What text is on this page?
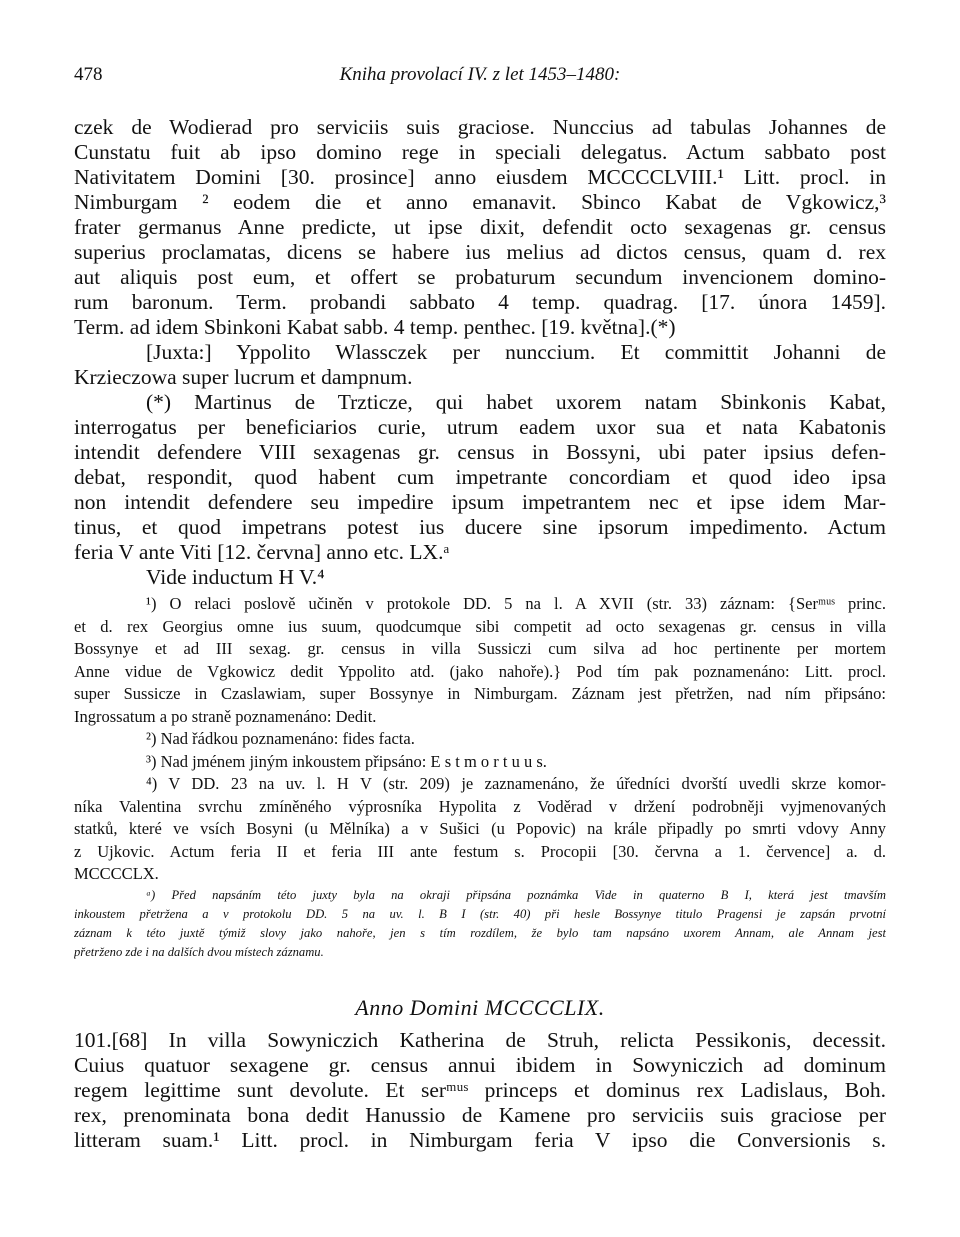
478	Kniha provolací IV. z let 1453–1480:
czek de Wodierad pro serviciis suis graciose. Nunccius ad tabulas Johannes de
Cunstatu fuit ab ipso domino rege in speciali delegatus. Actum sabbato post
Nativitatem Domini [30. prosince] anno eiusdem MCCCCLVIII.¹ Litt. procl. in
Nimburgam ² eodem die et anno emanavit. Sbinco Kabat de Vgkowicz,³
frater germanus Anne predicte, ut ipse dixit, defendit octo sexagenas gr. census
superius proclamatas, dicens se habere ius melius ad dictos census, quam d. rex
aut aliquis post eum, et offert se probaturum secundum invencionem domino-
rum baronum. Term. probandi sabbato 4 temp. quadrag. [17. února 1459].
Term. ad idem Sbinkoni Kabat sabb. 4 temp. penthec. [19. května].(*)
[Juxta:] Yppolito Wlassczek per nunccium. Et committit Johanni de
Krzieczowa super lucrum et dampnum.
(*) Martinus de Trzticze, qui habet uxorem natam Sbinkonis Kabat,
interrogatus per beneficiarios curie, utrum eadem uxor sua et nata Kabatonis
intendit defendere VIII sexagenas gr. census in Bossyni, ubi pater ipsius defen-
debat, respondit, quod habent cum impetrante concordiam et quod ideo ipsa
non intendit defendere seu impedire ipsum impetrantem nec et ipse idem Mar-
tinus, et quod impetrans potest ius ducere sine ipsorum impedimento. Actum
feria V ante Viti [12. června] anno etc. LX.ᵃ
Vide inductum H V.⁴
¹) O relaci poslově učiněn v protokole DD. 5 na l. A XVII (str. 33) záznam: {Serᵐᵘˢ princ.
et d. rex Georgius omne ius suum, quodcumque sibi competit ad octo sexagenas gr. census in villa
Bossynye et ad III sexag. gr. census in villa Sussiczi cum silva ad hoc pertinente per mortem
Anne vidue de Vgkowicz dedit Yppolito atd. (jako nahoře).} Pod tím pak poznamenáno: Litt. procl.
super Sussicze in Czaslawiam, super Bossynye in Nimburgam. Záznam jest přetržen, nad ním připsáno:
Ingrossatum a po straně poznamenáno: Dedit.
²) Nad řádkou poznamenáno: fides facta.
³) Nad jménem jiným inkoustem připsáno: E s t m o r t u u s.
⁴) V DD. 23 na uv. l. H V (str. 209) je zaznamenáno, že úředníci dvorští uvedli skrze komor-
níka Valentina svrchu zmíněného výprosníka Hypolita z Voděrad v držení podrobněji vyjmenovaných
statků, které ve vsích Bosyni (u Mělníka) a v Sušici (u Popovic) na krále připadly po smrti vdovy Anny
z Ujkovic. Actum feria II et feria III ante festum s. Procopii [30. června a 1. července] a. d.
MCCCCLX.
ᵃ) Před napsáním této juxty byla na okraji připsána poznámka Vide in quaterno B I, která jest tmavším
inkoustem přetržena a v protokolu DD. 5 na uv. l. B I (str. 40) při hesle Bossynye titulo Pragensi je zapsán prvotní
záznam k této juxtě týmiž slovy jako nahoře, jen s tím rozdílem, že bylo tam napsáno uxorem Annam, ale Annam jest
přetrženo zde i na dalších dvou místech záznamu.
Anno Domini MCCCCLIX.
101.[68] In villa Sowyniczich Katherina de Struh, relicta Pessikonis, decessit.
Cuius quatuor sexagene gr. census annui ibidem in Sowyniczich ad dominum
regem legittime sunt devolute. Et serᵐᵘˢ princeps et dominus rex Ladislaus, Boh.
rex, prenominata bona dedit Hanussio de Kamene pro serviciis suis graciose per
litteram suam.¹ Litt. procl. in Nimburgam feria V ipso die Conversionis s.
